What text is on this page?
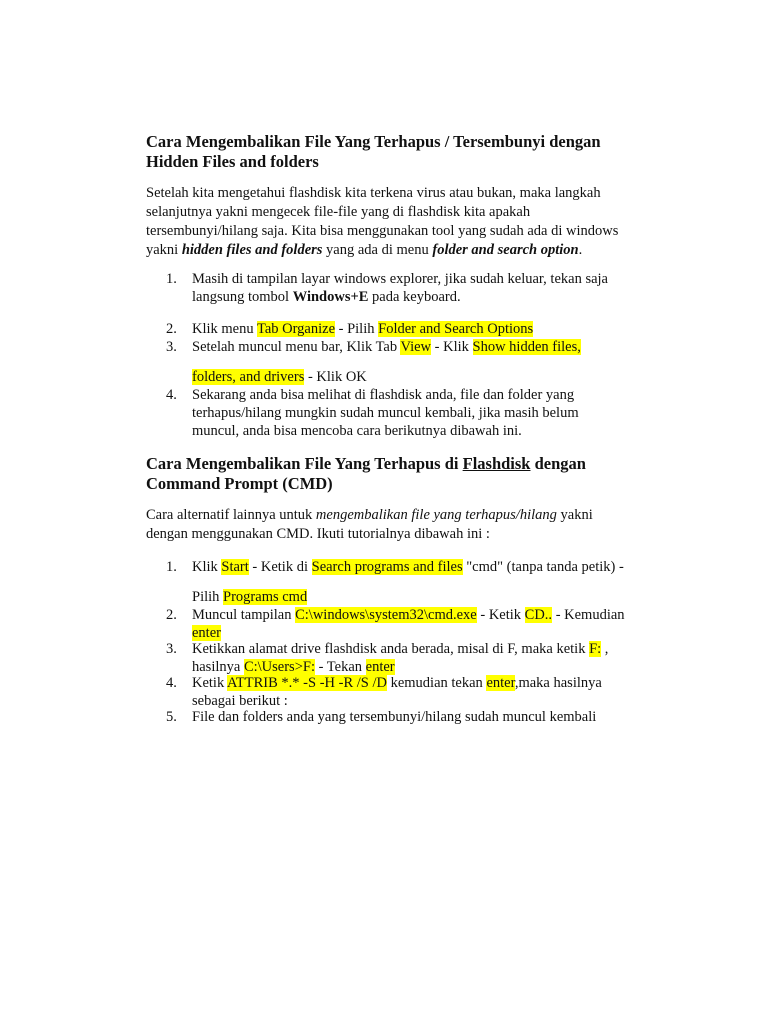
Cara Mengembalikan File Yang Terhapus / Tersembunyi dengan
Hidden Files and folders

Setelah kita mengetahui flashdisk kita terkena virus atau bukan, maka langkah
selanjutnya yakni mengecek file-file yang di flashdisk kita apakah
tersembunyi/hilang saja. Kita bisa menggunakan tool yang sudah ada di windows
yakni hidden files and folders yang ada di menu folder and search option.

1.	Masih di tampilan layar windows explorer, jika sudah keluar, tekan saja
langsung tombol Windows+E pada keyboard.
2.	Klik menu Tab Organize - Pilih Folder and Search Options
3.	Setelah muncul menu bar, Klik Tab View - Klik Show hidden files,
folders, and drivers - Klik OK
4.	Sekarang anda bisa melihat di flashdisk anda, file dan folder yang
terhapus/hilang mungkin sudah muncul kembali, jika masih belum
muncul, anda bisa mencoba cara berikutnya dibawah ini.

Cara Mengembalikan File Yang Terhapus di Flashdisk dengan
Command Prompt (CMD)

Cara alternatif lainnya untuk mengembalikan file yang terhapus/hilang yakni
dengan menggunakan CMD. Ikuti tutorialnya dibawah ini :

1.	Klik Start - Ketik di Search programs and files "cmd" (tanpa tanda petik) -
Pilih Programs cmd
2.	Muncul tampilan C:\windows\system32\cmd.exe - Ketik CD.. - Kemudian
enter
3.	Ketikkan alamat drive flashdisk anda berada, misal di F, maka ketik F: ,
hasilnya C:\Users>F: - Tekan enter
4.	Ketik ATTRIB *.* -S -H -R /S /D kemudian tekan enter,maka hasilnya
sebagai berikut :
5.	File dan folders anda yang tersembunyi/hilang sudah muncul kembali
